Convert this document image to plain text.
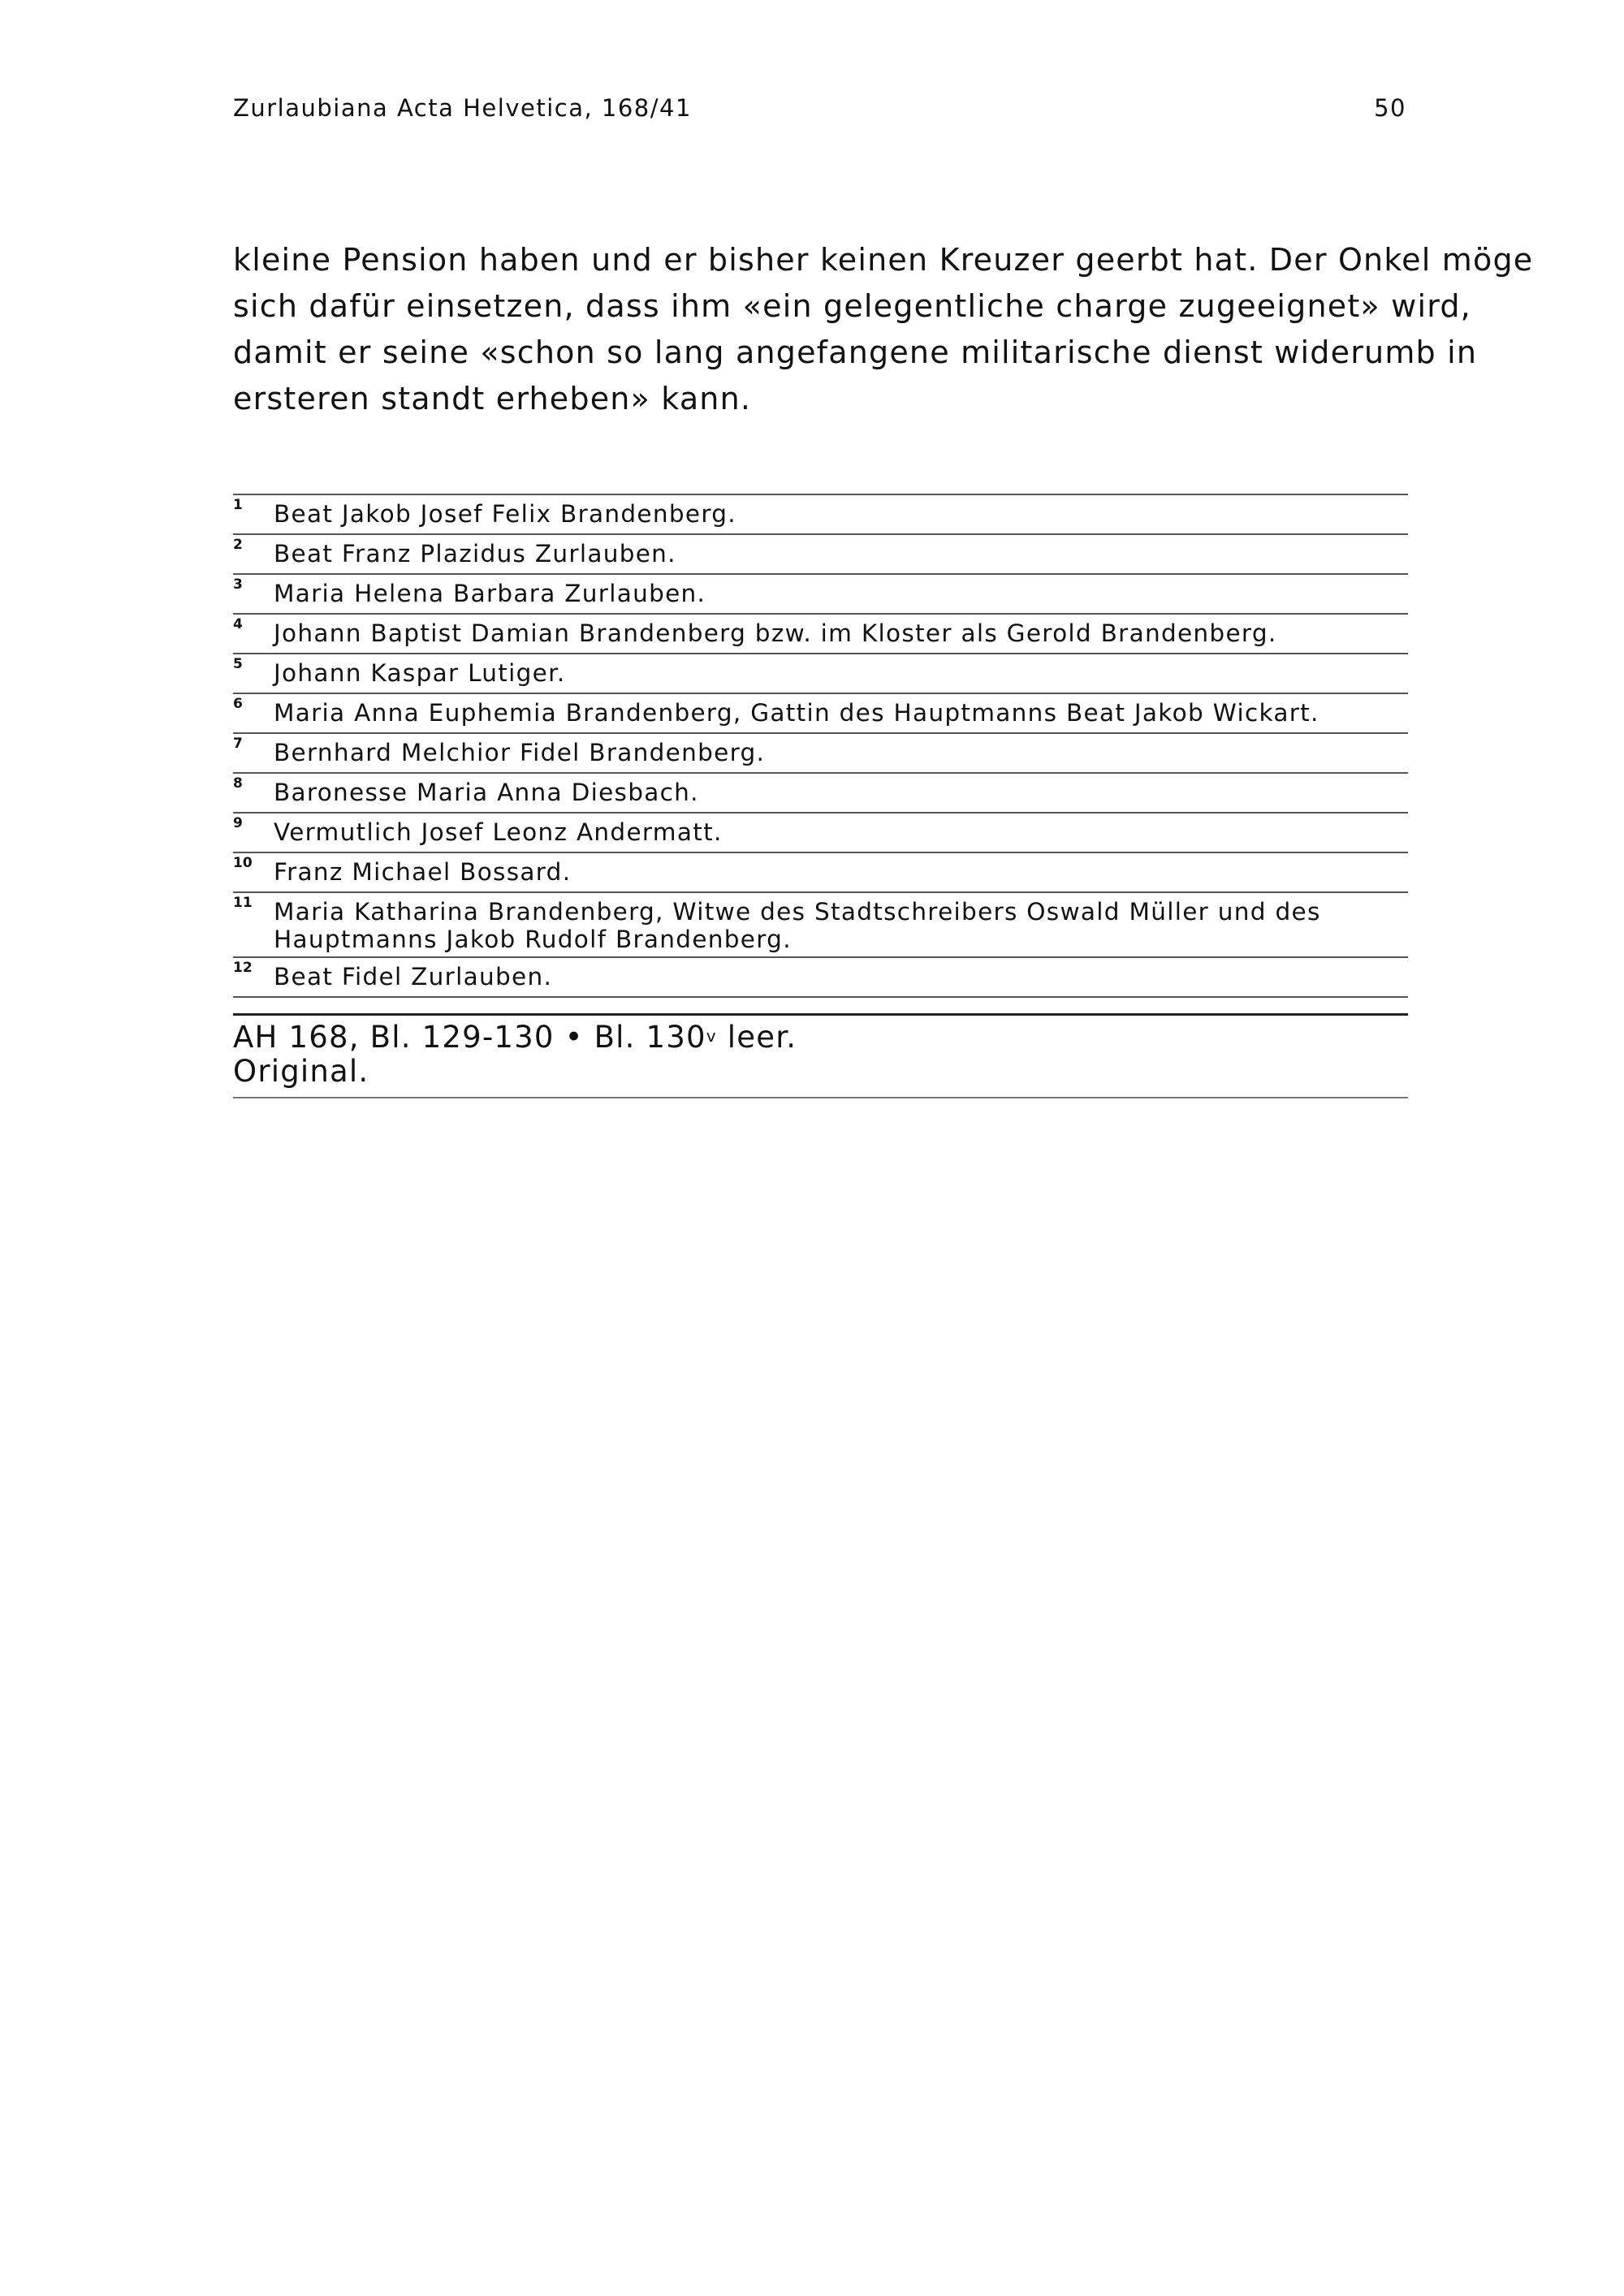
Zurlaubiana Acta Helvetica, 168/41	50

kleine Pension haben und er bisher keinen Kreuzer geerbt hat. Der Onkel möge
sich dafür einsetzen, dass ihm «ein gelegentliche charge zugeeignet» wird,
damit er seine «schon so lang angefangene militarische dienst widerumb in
ersteren standt erheben» kann.

1 Beat Jakob Josef Felix Brandenberg.
2 Beat Franz Plazidus Zurlauben.
3 Maria Helena Barbara Zurlauben.
4 Johann Baptist Damian Brandenberg bzw. im Kloster als Gerold Brandenberg.
5 Johann Kaspar Lutiger.
6 Maria Anna Euphemia Brandenberg, Gattin des Hauptmanns Beat Jakob Wickart.
7 Bernhard Melchior Fidel Brandenberg.
8 Baronesse Maria Anna Diesbach.
9 Vermutlich Josef Leonz Andermatt.
10 Franz Michael Bossard.
11 Maria Katharina Brandenberg, Witwe des Stadtschreibers Oswald Müller und des
Hauptmanns Jakob Rudolf Brandenberg.
12 Beat Fidel Zurlauben.
AH 168, Bl. 129-130 • Bl. 130$^v$ leer.
Original.
